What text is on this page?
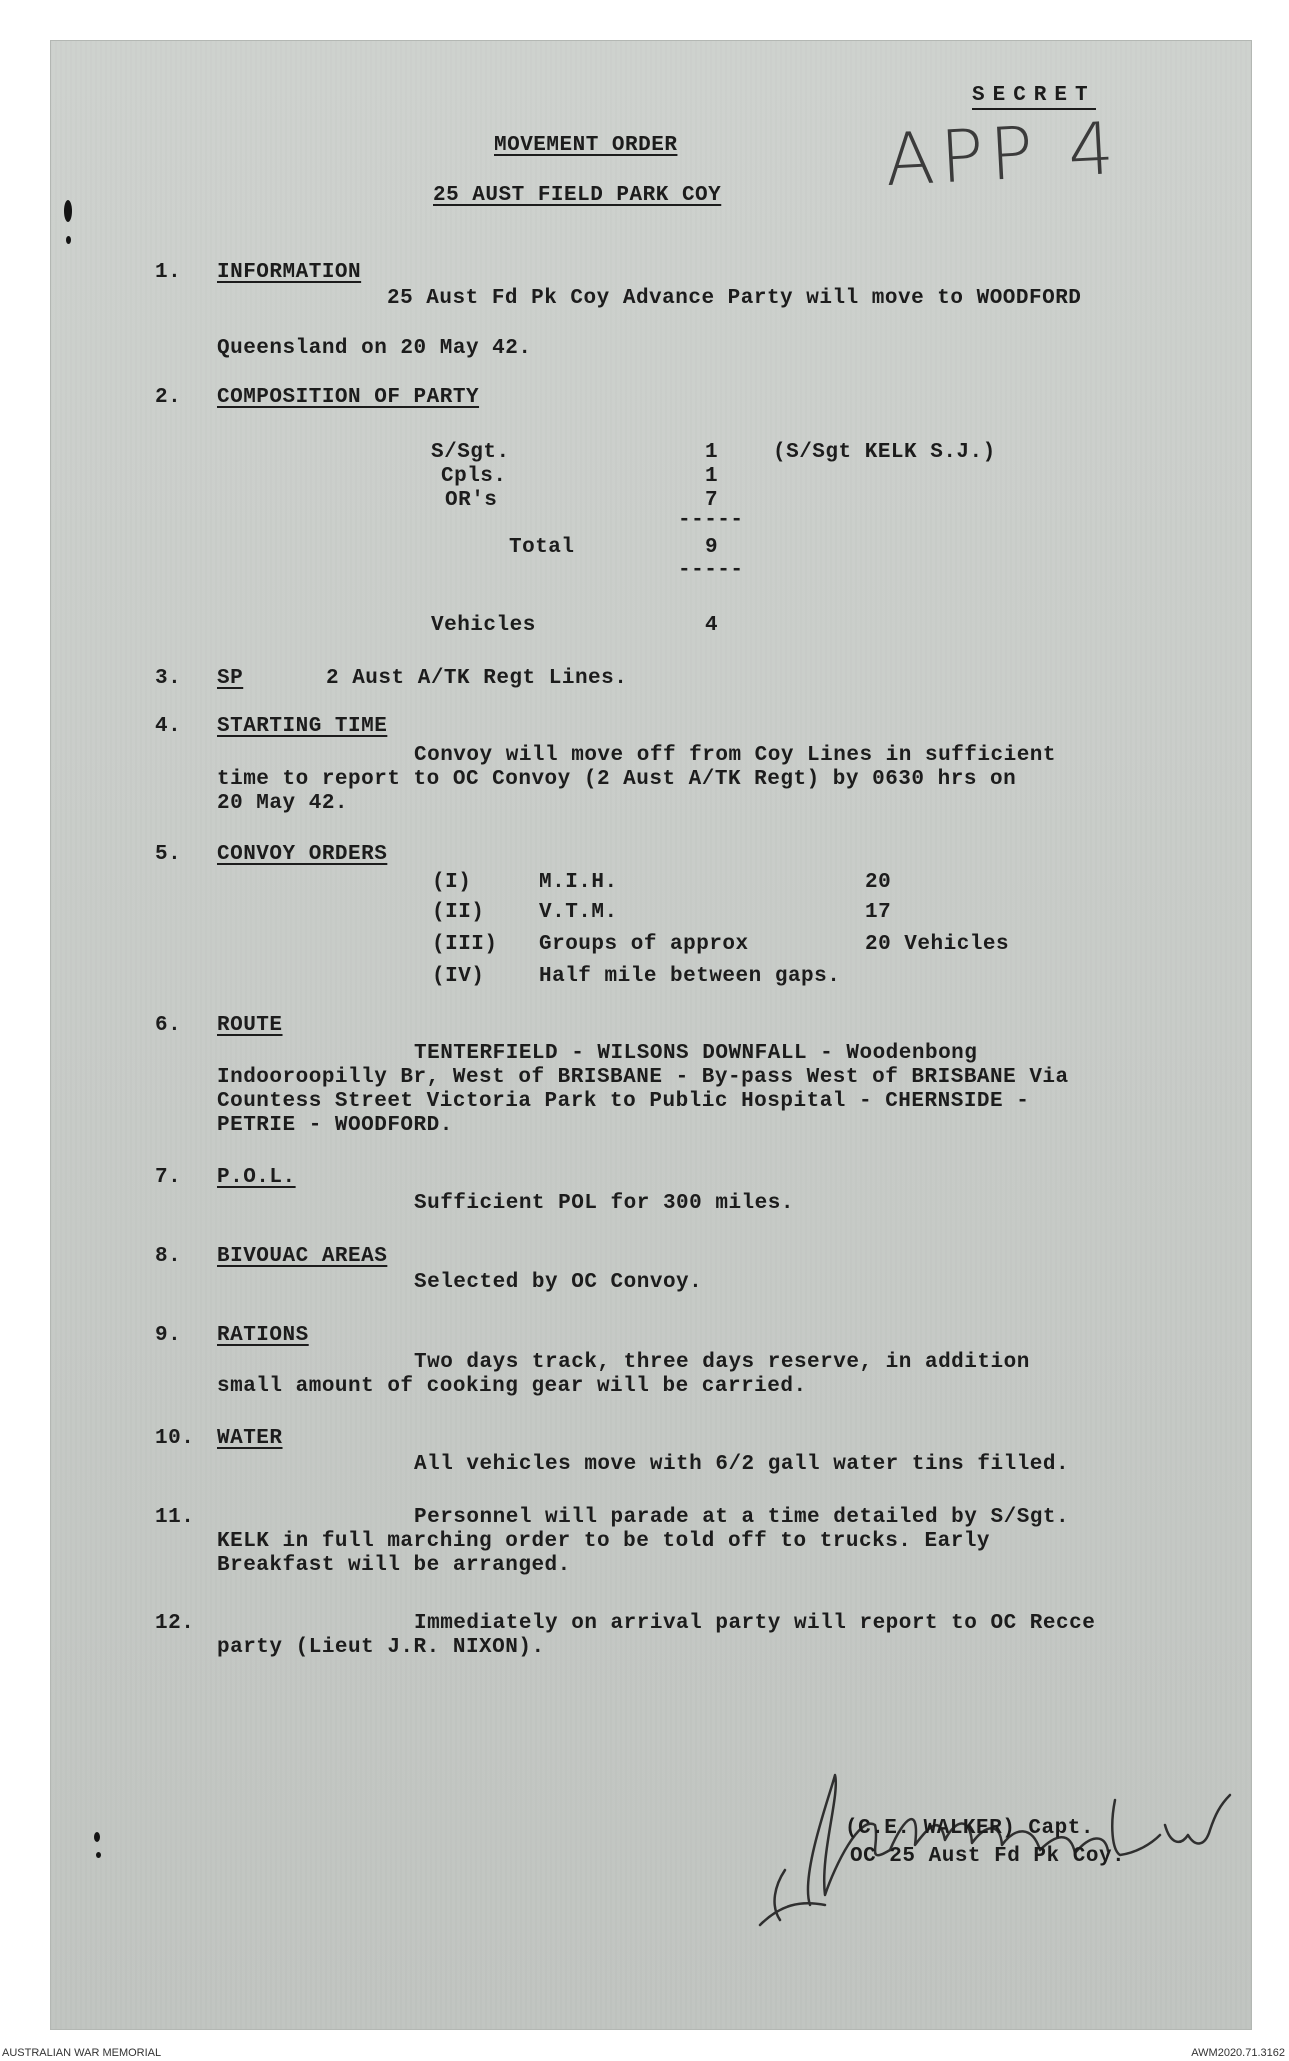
SECRET
APP 4
MOVEMENT ORDER
25 AUST FIELD PARK COY
1. INFORMATION
25 Aust Fd Pk Coy Advance Party will move to WOODFORD
Queensland on 20 May 42.
2. COMPOSITION OF PARTY
S/Sgt.	1	(S/Sgt KELK S.J.)
Cpls.	1
OR's	7
-----
Total	9
-----
Vehicles	4
3. SP	2 Aust A/TK Regt Lines.
4. STARTING TIME
Convoy will move off from Coy Lines in sufficient
time to report to OC Convoy (2 Aust A/TK Regt) by 0630 hrs on
20 May 42.
5. CONVOY ORDERS
(I)	M.I.H.	20
(II)	V.T.M.	17
(III) Groups of approx	20 Vehicles
(IV)	Half mile between gaps.
6. ROUTE
TENTERFIELD - WILSONS DOWNFALL - Woodenbong
Indooroopilly Br, West of BRISBANE - By-pass West of BRISBANE Via
Countess Street Victoria Park to Public Hospital - CHERNSIDE -
PETRIE - WOODFORD.
7. P.O.L.
Sufficient POL for 300 miles.
8. BIVOUAC AREAS
Selected by OC Convoy.
9. RATIONS
Two days track, three days reserve, in addition
small amount of cooking gear will be carried.
10. WATER
All vehicles move with 6/2 gall water tins filled.
11.	Personnel will parade at a time detailed by S/Sgt.
KELK in full marching order to be told off to trucks. Early
Breakfast will be arranged.
12.	Immediately on arrival party will report to OC Recce
party (Lieut J.R. NIXON).
(C.E. WALKER) Capt.
OC 25 Aust Fd Pk Coy.
AUSTRALIAN WAR MEMORIAL	AWM2020.71.3162
